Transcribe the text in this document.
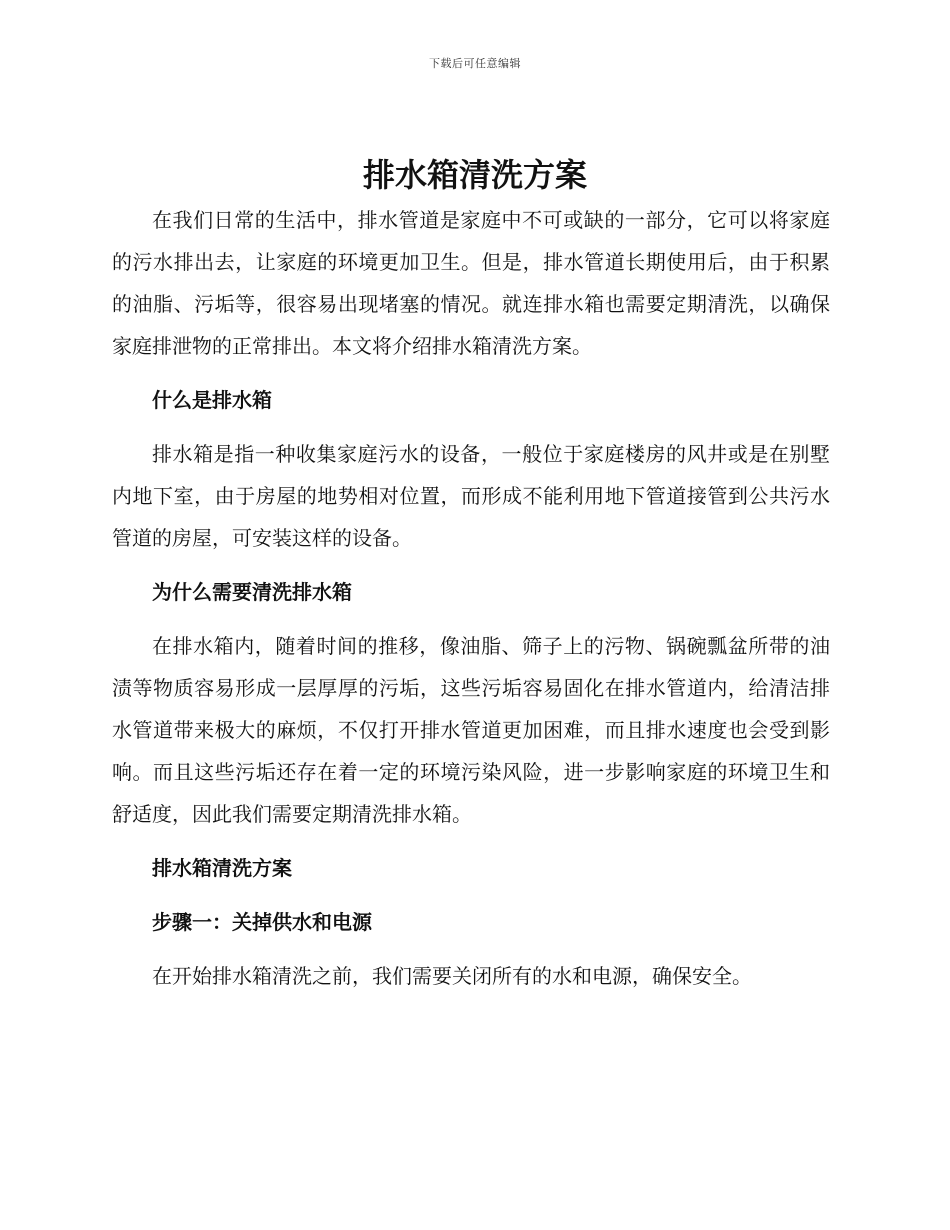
下载后可任意编辑
排水箱清洗方案

在我们日常的生活中，排水管道是家庭中不可或缺的一部分，它可以将家庭的污水排出去，让家庭的环境更加卫生。但是，排水管道长期使用后，由于积累的油脂、污垢等，很容易出现堵塞的情况。就连排水箱也需要定期清洗，以确保家庭排泄物的正常排出。本文将介绍排水箱清洗方案。

什么是排水箱

排水箱是指一种收集家庭污水的设备，一般位于家庭楼房的风井或是在别墅内地下室，由于房屋的地势相对位置，而形成不能利用地下管道接管到公共污水管道的房屋，可安装这样的设备。

为什么需要清洗排水箱

在排水箱内，随着时间的推移，像油脂、筛子上的污物、锅碗瓢盆所带的油渍等物质容易形成一层厚厚的污垢，这些污垢容易固化在排水管道内，给清洁排水管道带来极大的麻烦，不仅打开排水管道更加困难，而且排水速度也会受到影响。而且这些污垢还存在着一定的环境污染风险，进一步影响家庭的环境卫生和舒适度，因此我们需要定期清洗排水箱。

排水箱清洗方案

步骤一：关掉供水和电源

在开始排水箱清洗之前，我们需要关闭所有的水和电源，确保安全。
